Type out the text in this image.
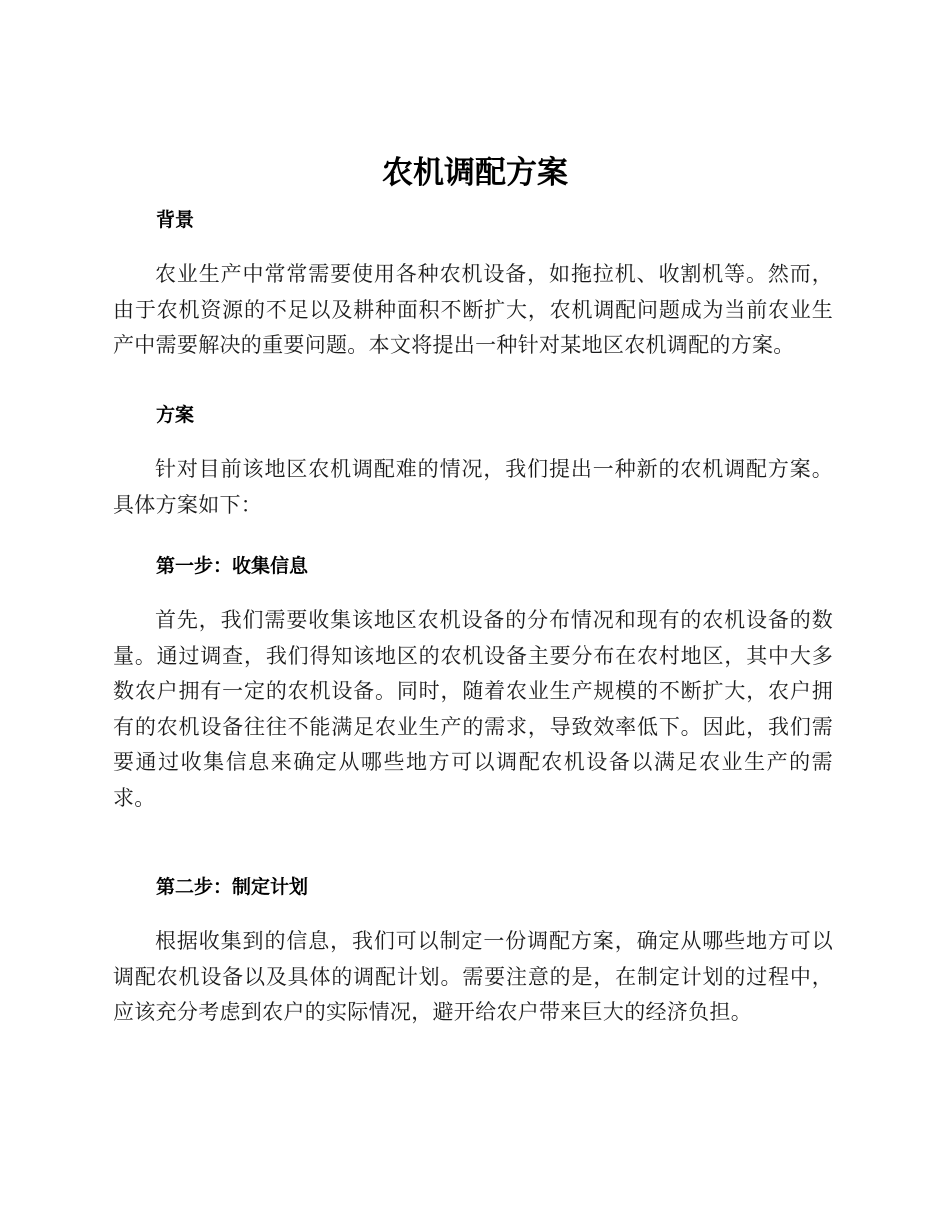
农机调配方案
背景
农业生产中常常需要使用各种农机设备，如拖拉机、收割机等。然而，由于农机资源的不足以及耕种面积不断扩大，农机调配问题成为当前农业生产中需要解决的重要问题。本文将提出一种针对某地区农机调配的方案。
方案
针对目前该地区农机调配难的情况，我们提出一种新的农机调配方案。具体方案如下：
第一步：收集信息
首先，我们需要收集该地区农机设备的分布情况和现有的农机设备的数量。通过调查，我们得知该地区的农机设备主要分布在农村地区，其中大多数农户拥有一定的农机设备。同时，随着农业生产规模的不断扩大，农户拥有的农机设备往往不能满足农业生产的需求，导致效率低下。因此，我们需要通过收集信息来确定从哪些地方可以调配农机设备以满足农业生产的需求。
第二步：制定计划
根据收集到的信息，我们可以制定一份调配方案，确定从哪些地方可以调配农机设备以及具体的调配计划。需要注意的是，在制定计划的过程中，应该充分考虑到农户的实际情况，避开给农户带来巨大的经济负担。
